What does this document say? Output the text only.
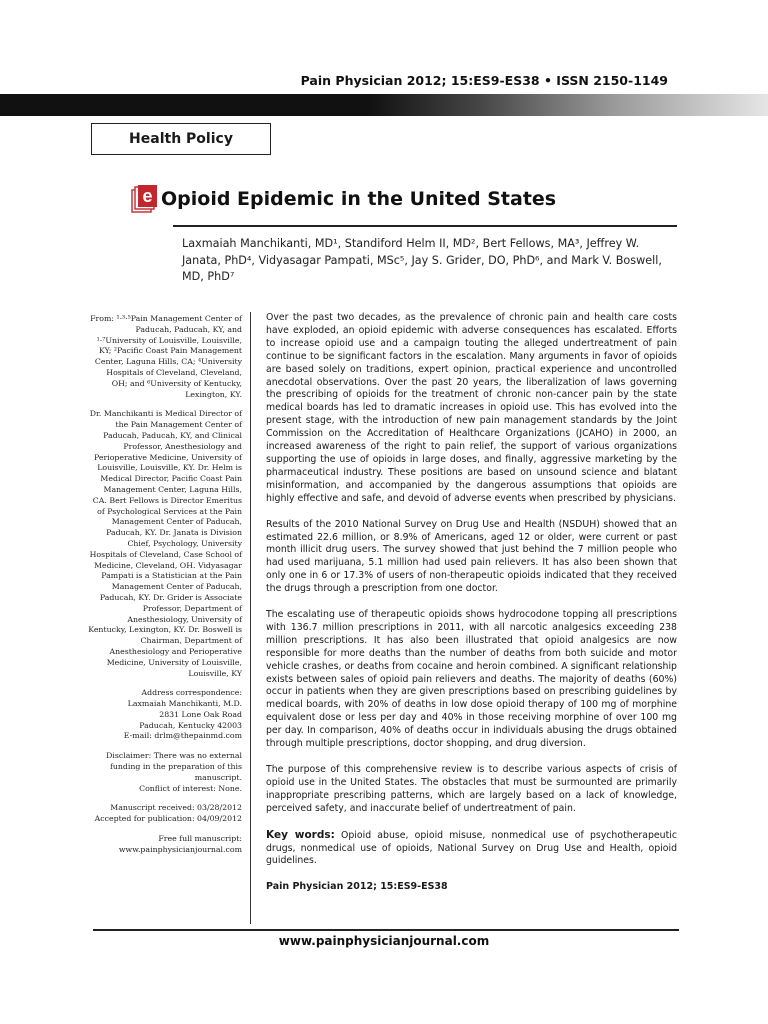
Pain Physician 2012; 15:ES9-ES38 • ISSN 2150-1149
Health Policy
e Opioid Epidemic in the United States
Laxmaiah Manchikanti, MD¹, Standiford Helm II, MD², Bert Fellows, MA³, Jeffrey W. Janata, PhD⁴, Vidyasagar Pampati, MSc⁵, Jay S. Grider, DO, PhD⁶, and Mark V. Boswell, MD, PhD⁷

From: ¹·³·⁵Pain Management Center of Paducah, Paducah, KY, and ¹·⁷University of Louisville, Louisville, KY; ²Pacific Coast Pain Management Center, Laguna Hills, CA; ⁴University Hospitals of Cleveland, Cleveland, OH; and ⁶University of Kentucky, Lexington, KY.

Dr. Manchikanti is Medical Director of the Pain Management Center of Paducah, Paducah, KY, and Clinical Professor, Anesthesiology and Perioperative Medicine, University of Louisville, Louisville, KY. Dr. Helm is Medical Director, Pacific Coast Pain Management Center, Laguna Hills, CA. Bert Fellows is Director Emeritus of Psychological Services at the Pain Management Center of Paducah, Paducah, KY. Dr. Janata is Division Chief, Psychology, University Hospitals of Cleveland, Case School of Medicine, Cleveland, OH. Vidyasagar Pampati is a Statistician at the Pain Management Center of Paducah, Paducah, KY. Dr. Grider is Associate Professor, Department of Anesthesiology, University of Kentucky, Lexington, KY. Dr. Boswell is Chairman, Department of Anesthesiology and Perioperative Medicine, University of Louisville, Louisville, KY

Address correspondence:
Laxmaiah Manchikanti, M.D.
2831 Lone Oak Road
Paducah, Kentucky 42003
E-mail: drlm@thepainmd.com

Disclaimer: There was no external funding in the preparation of this manuscript.
Conflict of interest: None.

Manuscript received: 03/28/2012
Accepted for publication: 04/09/2012

Free full manuscript:
www.painphysicianjournal.com

Over the past two decades, as the prevalence of chronic pain and health care costs have exploded, an opioid epidemic with adverse consequences has escalated. Efforts to increase opioid use and a campaign touting the alleged undertreatment of pain continue to be significant factors in the escalation. Many arguments in favor of opioids are based solely on traditions, expert opinion, practical experience and uncontrolled anecdotal observations. Over the past 20 years, the liberalization of laws governing the prescribing of opioids for the treatment of chronic non-cancer pain by the state medical boards has led to dramatic increases in opioid use. This has evolved into the present stage, with the introduction of new pain management standards by the Joint Commission on the Accreditation of Healthcare Organizations (JCAHO) in 2000, an increased awareness of the right to pain relief, the support of various organizations supporting the use of opioids in large doses, and finally, aggressive marketing by the pharmaceutical industry. These positions are based on unsound science and blatant misinformation, and accompanied by the dangerous assumptions that opioids are highly effective and safe, and devoid of adverse events when prescribed by physicians.

Results of the 2010 National Survey on Drug Use and Health (NSDUH) showed that an estimated 22.6 million, or 8.9% of Americans, aged 12 or older, were current or past month illicit drug users. The survey showed that just behind the 7 million people who had used marijuana, 5.1 million had used pain relievers. It has also been shown that only one in 6 or 17.3% of users of non-therapeutic opioids indicated that they received the drugs through a prescription from one doctor.

The escalating use of therapeutic opioids shows hydrocodone topping all prescriptions with 136.7 million prescriptions in 2011, with all narcotic analgesics exceeding 238 million prescriptions. It has also been illustrated that opioid analgesics are now responsible for more deaths than the number of deaths from both suicide and motor vehicle crashes, or deaths from cocaine and heroin combined. A significant relationship exists between sales of opioid pain relievers and deaths. The majority of deaths (60%) occur in patients when they are given prescriptions based on prescribing guidelines by medical boards, with 20% of deaths in low dose opioid therapy of 100 mg of morphine equivalent dose or less per day and 40% in those receiving morphine of over 100 mg per day. In comparison, 40% of deaths occur in individuals abusing the drugs obtained through multiple prescriptions, doctor shopping, and drug diversion.

The purpose of this comprehensive review is to describe various aspects of crisis of opioid use in the United States. The obstacles that must be surmounted are primarily inappropriate prescribing patterns, which are largely based on a lack of knowledge, perceived safety, and inaccurate belief of undertreatment of pain.

Key words: Opioid abuse, opioid misuse, nonmedical use of psychotherapeutic drugs, nonmedical use of opioids, National Survey on Drug Use and Health, opioid guidelines.

Pain Physician 2012; 15:ES9-ES38
www.painphysicianjournal.com
